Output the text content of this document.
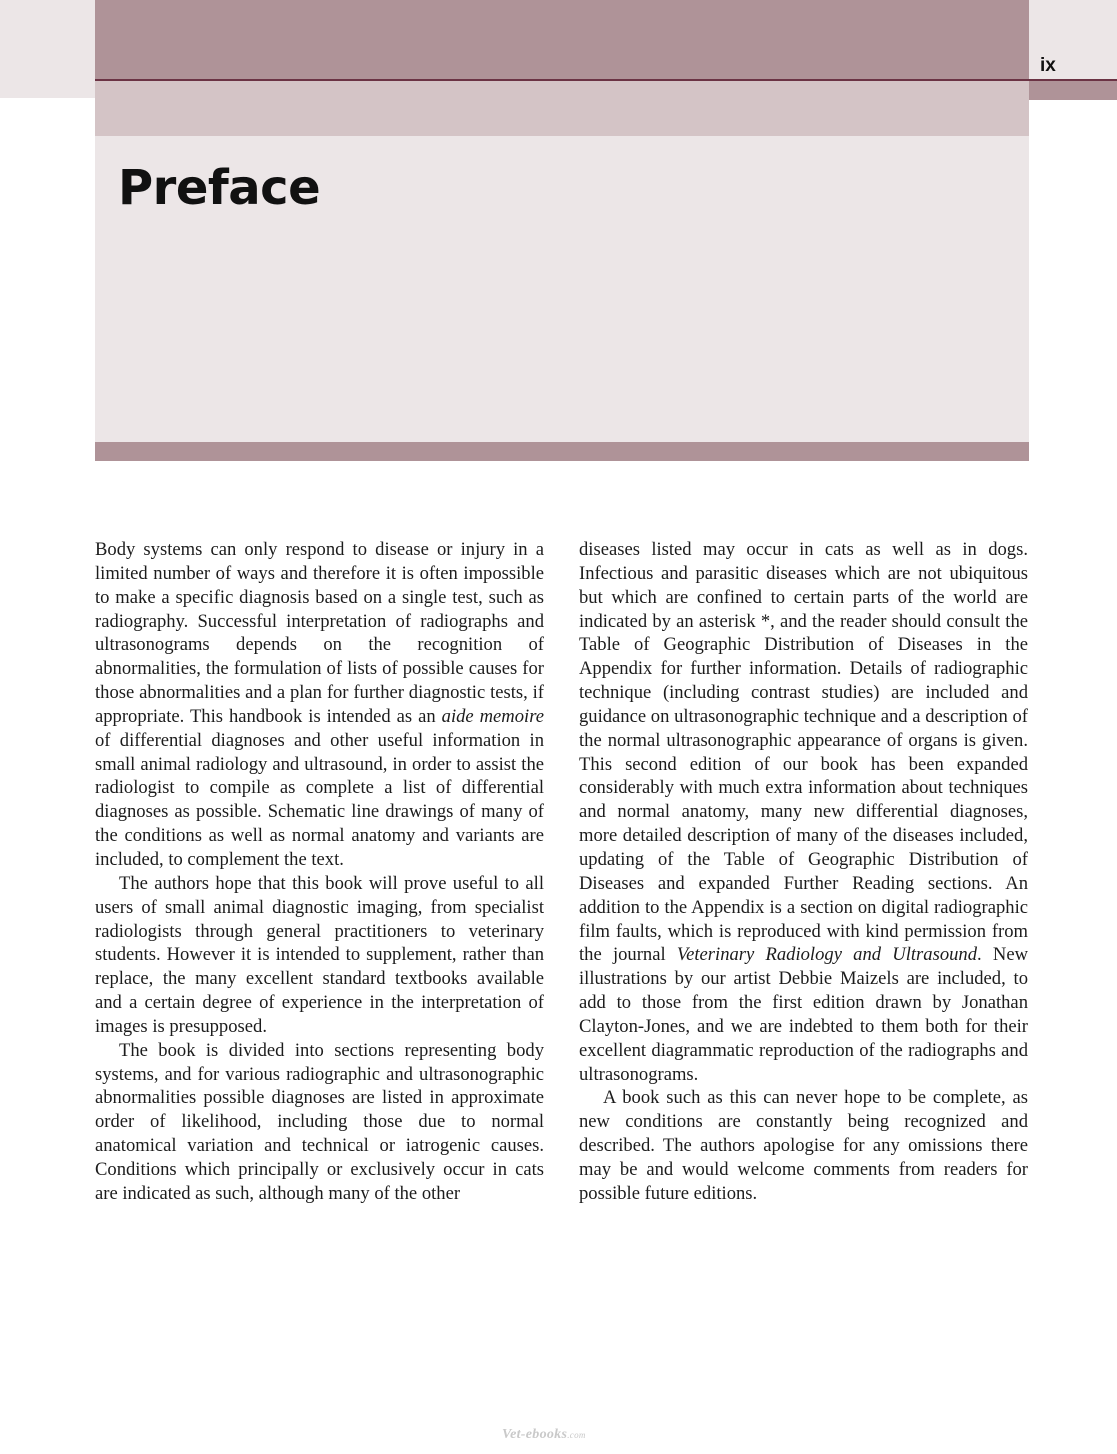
ix
Preface

Body systems can only respond to disease or injury in a limited number of ways and therefore it is often impossible to make a specific diagnosis based on a single test, such as radiography. Successful interpretation of radiographs and ultrasonograms depends on the recognition of abnormalities, the formulation of lists of possible causes for those abnormalities and a plan for further diagnostic tests, if appropriate. This handbook is intended as an aide memoire of differential diagnoses and other useful information in small animal radiology and ultrasound, in order to assist the radiologist to compile as complete a list of differential diagnoses as possible. Schematic line drawings of many of the conditions as well as normal anatomy and variants are included, to complement the text.

The authors hope that this book will prove useful to all users of small animal diagnostic imaging, from specialist radiologists through general practitioners to veterinary students. However it is intended to supplement, rather than replace, the many excellent standard textbooks available and a certain degree of experience in the interpretation of images is presupposed.

The book is divided into sections representing body systems, and for various radiographic and ultrasonographic abnormalities possible diagnoses are listed in approximate order of likelihood, including those due to normal anatomical variation and technical or iatrogenic causes. Conditions which principally or exclusively occur in cats are indicated as such, although many of the other

diseases listed may occur in cats as well as in dogs. Infectious and parasitic diseases which are not ubiquitous but which are confined to certain parts of the world are indicated by an asterisk *, and the reader should consult the Table of Geographic Distribution of Diseases in the Appendix for further information. Details of radiographic technique (including contrast studies) are included and guidance on ultrasonographic technique and a description of the normal ultrasonographic appearance of organs is given. This second edition of our book has been expanded considerably with much extra information about techniques and normal anatomy, many new differential diagnoses, more detailed description of many of the diseases included, updating of the Table of Geographic Distribution of Diseases and expanded Further Reading sections. An addition to the Appendix is a section on digital radiographic film faults, which is reproduced with kind permission from the journal Veterinary Radiology and Ultrasound. New illustrations by our artist Debbie Maizels are included, to add to those from the first edition drawn by Jonathan Clayton-Jones, and we are indebted to them both for their excellent diagrammatic reproduction of the radiographs and ultrasonograms.

A book such as this can never hope to be complete, as new conditions are constantly being recognized and described. The authors apologise for any omissions there may be and would welcome comments from readers for possible future editions.

Vet-ebooks.com
